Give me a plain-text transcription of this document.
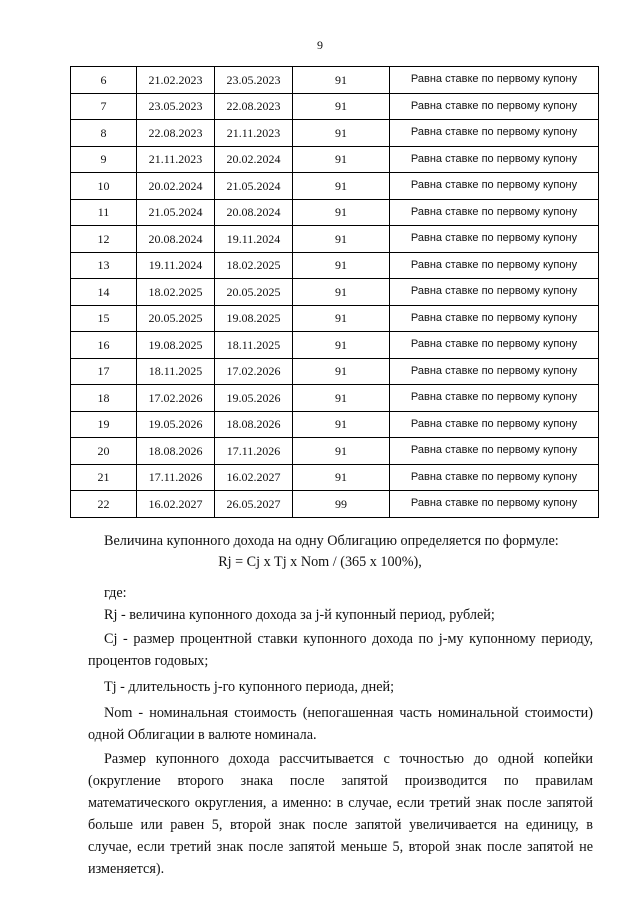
9
6	21.02.2023	23.05.2023	91	Равна ставке по первому купону
7	23.05.2023	22.08.2023	91	Равна ставке по первому купону
8	22.08.2023	21.11.2023	91	Равна ставке по первому купону
9	21.11.2023	20.02.2024	91	Равна ставке по первому купону
10	20.02.2024	21.05.2024	91	Равна ставке по первому купону
11	21.05.2024	20.08.2024	91	Равна ставке по первому купону
12	20.08.2024	19.11.2024	91	Равна ставке по первому купону
13	19.11.2024	18.02.2025	91	Равна ставке по первому купону
14	18.02.2025	20.05.2025	91	Равна ставке по первому купону
15	20.05.2025	19.08.2025	91	Равна ставке по первому купону
16	19.08.2025	18.11.2025	91	Равна ставке по первому купону
17	18.11.2025	17.02.2026	91	Равна ставке по первому купону
18	17.02.2026	19.05.2026	91	Равна ставке по первому купону
19	19.05.2026	18.08.2026	91	Равна ставке по первому купону
20	18.08.2026	17.11.2026	91	Равна ставке по первому купону
21	17.11.2026	16.02.2027	91	Равна ставке по первому купону
22	16.02.2027	26.05.2027	99	Равна ставке по первому купону
Величина купонного дохода на одну Облигацию определяется по формуле:
Rj = Cj x Tj x Nom / (365 x 100%),
где:
Rj - величина купонного дохода за j-й купонный период, рублей;
Cj - размер процентной ставки купонного дохода по j-му купонному периоду, процентов годовых;
Tj - длительность j-го купонного периода, дней;
Nom - номинальная стоимость (непогашенная часть номинальной стоимости) одной Облигации в валюте номинала.
Размер купонного дохода рассчитывается с точностью до одной копейки (округление второго знака после запятой производится по правилам математического округления, а именно: в случае, если третий знак после запятой больше или равен 5, второй знак после запятой увеличивается на единицу, в случае, если третий знак после запятой меньше 5, второй знак после запятой не изменяется).
